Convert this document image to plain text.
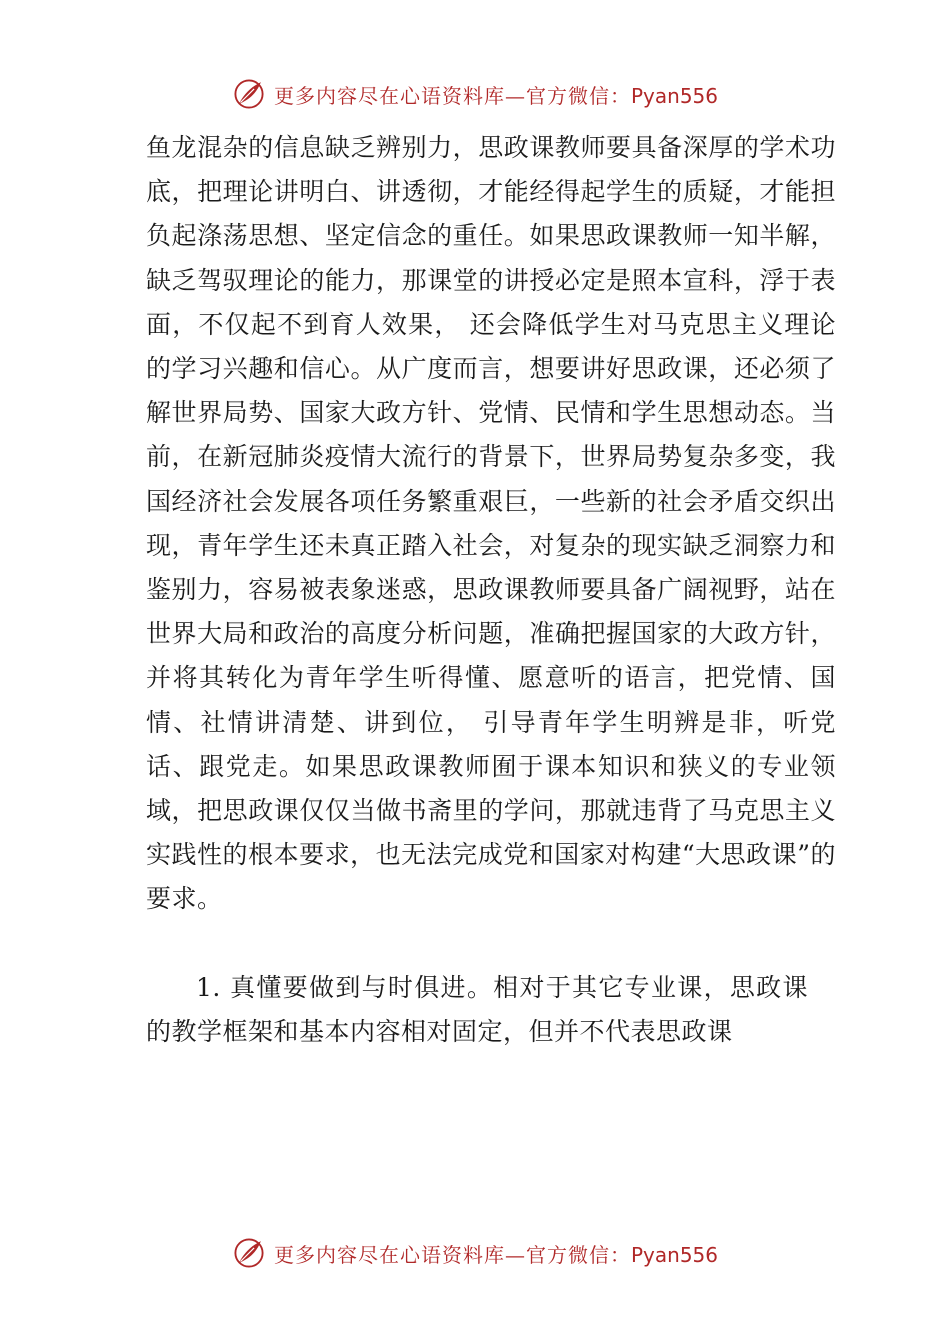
更多内容尽在心语资料库—官方微信：Pyan556

鱼龙混杂的信息缺乏辨别力，思政课教师要具备深厚的学术功底，把理论讲明白、讲透彻，才能经得起学生的质疑，才能担负起涤荡思想、坚定信念的重任。如果思政课教师一知半解，缺乏驾驭理论的能力，那课堂的讲授必定是照本宣科，浮于表面，不仅起不到育人效果， 还会降低学生对马克思主义理论的学习兴趣和信心。从广度而言，想要讲好思政课，还必须了解世界局势、国家大政方针、党情、民情和学生思想动态。当前，在新冠肺炎疫情大流行的背景下，世界局势复杂多变，我国经济社会发展各项任务繁重艰巨，一些新的社会矛盾交织出现，青年学生还未真正踏入社会，对复杂的现实缺乏洞察力和鉴别力，容易被表象迷惑，思政课教师要具备广阔视野，站在世界大局和政治的高度分析问题，准确把握国家的大政方针，并将其转化为青年学生听得懂、愿意听的语言，把党情、国情、社情讲清楚、讲到位， 引导青年学生明辨是非，听党话、跟党走。如果思政课教师囿于课本知识和狭义的专业领域，把思政课仅仅当做书斋里的学问，那就违背了马克思主义实践性的根本要求，也无法完成党和国家对构建“大思政课”的要求。

1. 真懂要做到与时俱进。相对于其它专业课，思政课的教学框架和基本内容相对固定，但并不代表思政课

更多内容尽在心语资料库—官方微信：Pyan556
